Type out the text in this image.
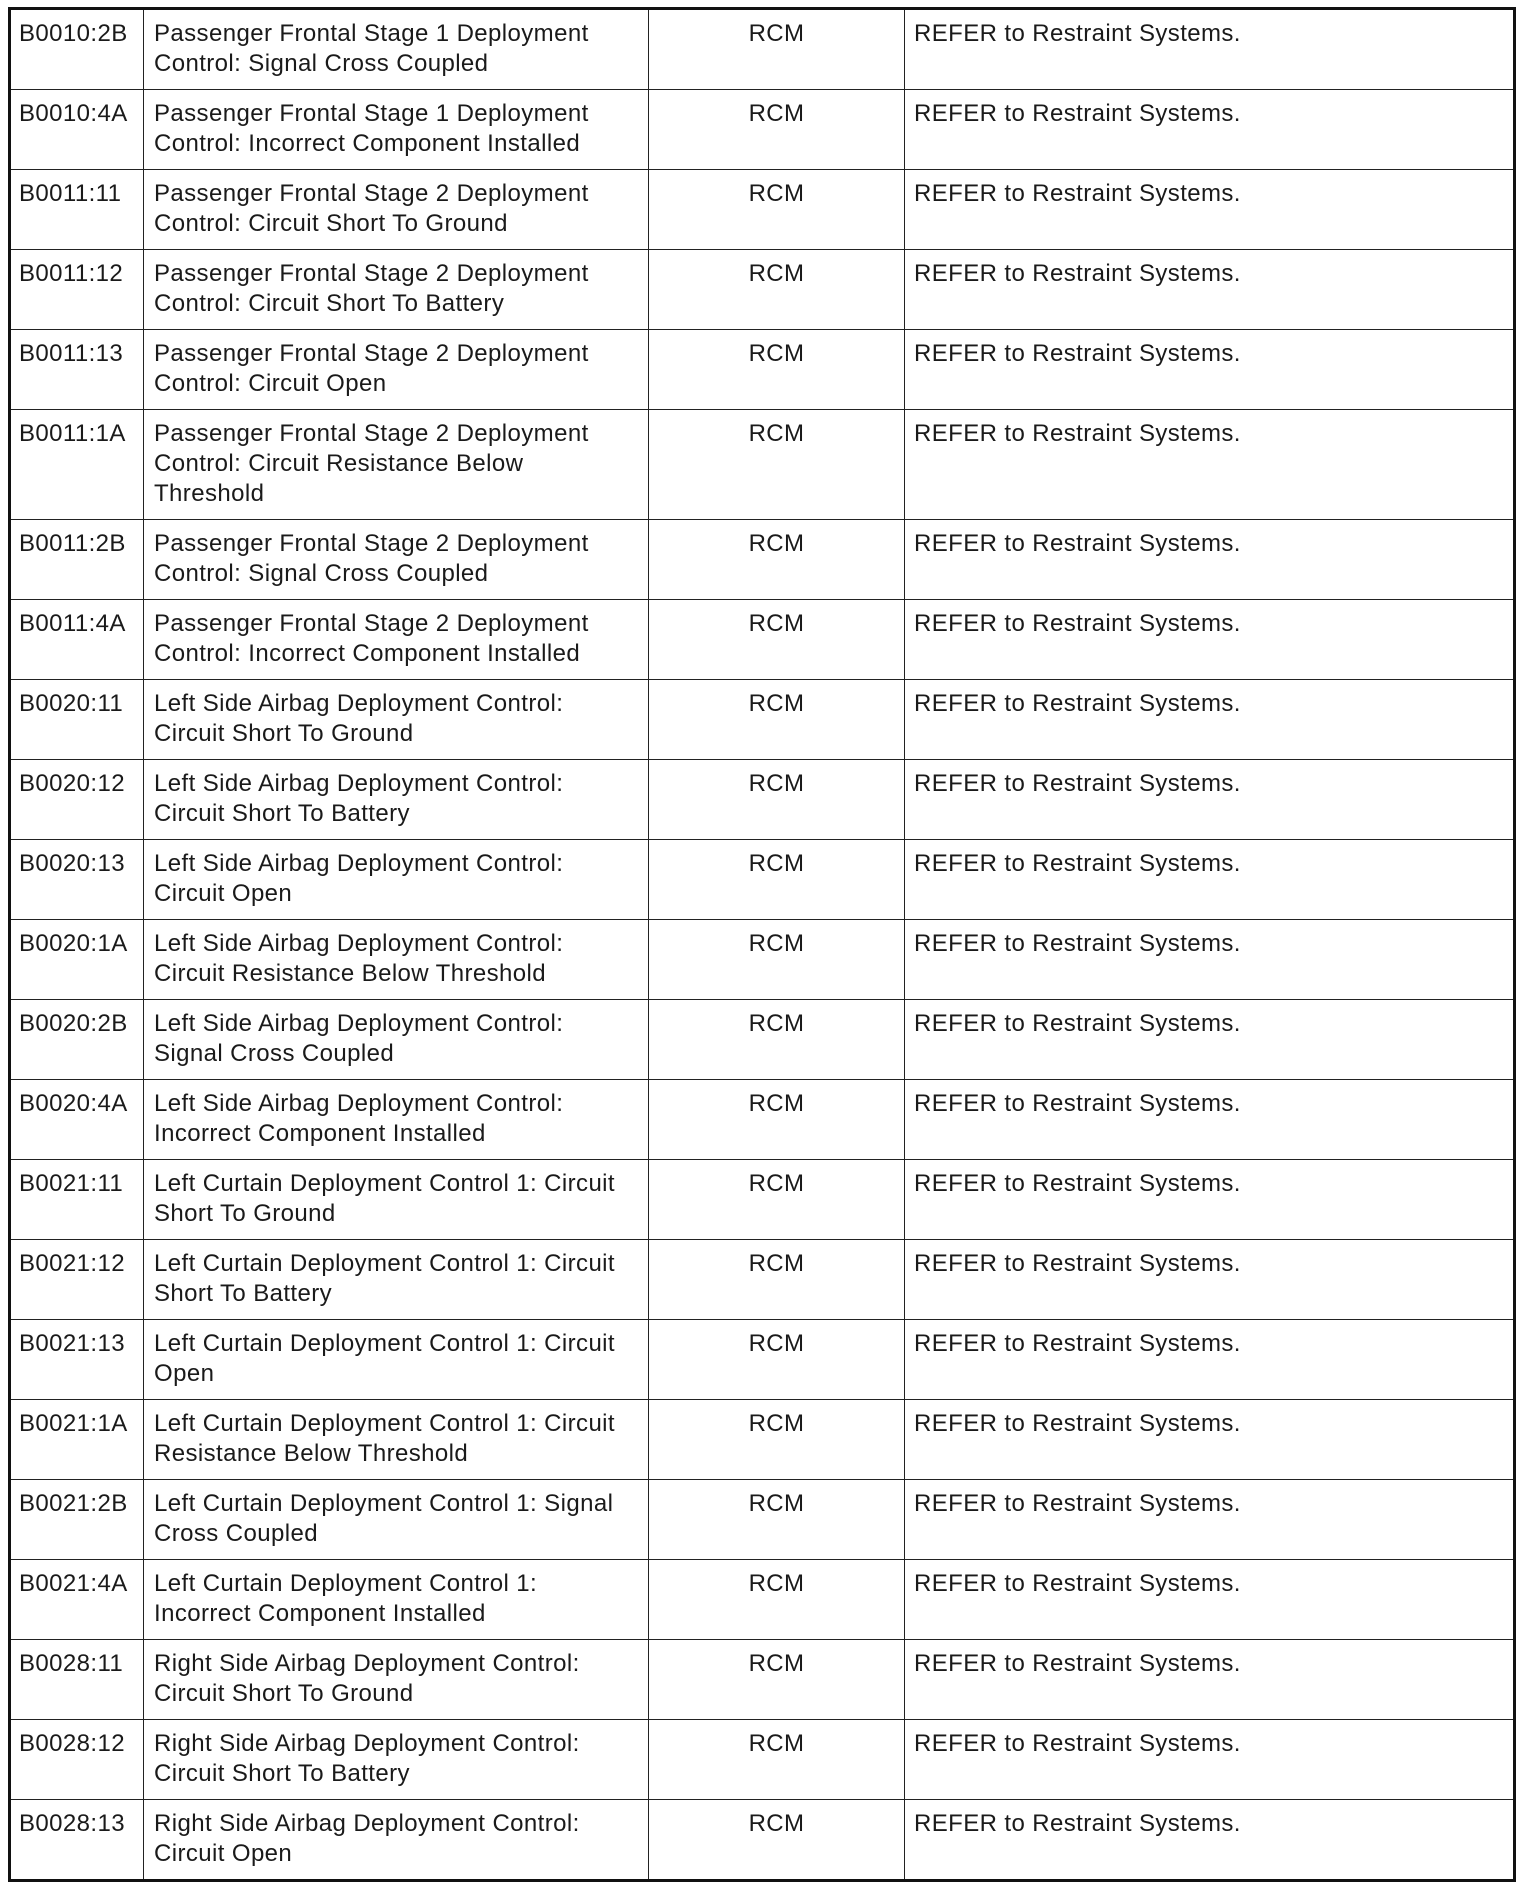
B0010:2B	Passenger Frontal Stage 1 Deployment Control: Signal Cross Coupled	RCM	REFER to Restraint Systems.
B0010:4A	Passenger Frontal Stage 1 Deployment Control: Incorrect Component Installed	RCM	REFER to Restraint Systems.
B0011:11	Passenger Frontal Stage 2 Deployment Control: Circuit Short To Ground	RCM	REFER to Restraint Systems.
B0011:12	Passenger Frontal Stage 2 Deployment Control: Circuit Short To Battery	RCM	REFER to Restraint Systems.
B0011:13	Passenger Frontal Stage 2 Deployment Control: Circuit Open	RCM	REFER to Restraint Systems.
B0011:1A	Passenger Frontal Stage 2 Deployment Control: Circuit Resistance Below Threshold	RCM	REFER to Restraint Systems.
B0011:2B	Passenger Frontal Stage 2 Deployment Control: Signal Cross Coupled	RCM	REFER to Restraint Systems.
B0011:4A	Passenger Frontal Stage 2 Deployment Control: Incorrect Component Installed	RCM	REFER to Restraint Systems.
B0020:11	Left Side Airbag Deployment Control: Circuit Short To Ground	RCM	REFER to Restraint Systems.
B0020:12	Left Side Airbag Deployment Control: Circuit Short To Battery	RCM	REFER to Restraint Systems.
B0020:13	Left Side Airbag Deployment Control: Circuit Open	RCM	REFER to Restraint Systems.
B0020:1A	Left Side Airbag Deployment Control: Circuit Resistance Below Threshold	RCM	REFER to Restraint Systems.
B0020:2B	Left Side Airbag Deployment Control: Signal Cross Coupled	RCM	REFER to Restraint Systems.
B0020:4A	Left Side Airbag Deployment Control: Incorrect Component Installed	RCM	REFER to Restraint Systems.
B0021:11	Left Curtain Deployment Control 1: Circuit Short To Ground	RCM	REFER to Restraint Systems.
B0021:12	Left Curtain Deployment Control 1: Circuit Short To Battery	RCM	REFER to Restraint Systems.
B0021:13	Left Curtain Deployment Control 1: Circuit Open	RCM	REFER to Restraint Systems.
B0021:1A	Left Curtain Deployment Control 1: Circuit Resistance Below Threshold	RCM	REFER to Restraint Systems.
B0021:2B	Left Curtain Deployment Control 1: Signal Cross Coupled	RCM	REFER to Restraint Systems.
B0021:4A	Left Curtain Deployment Control 1: Incorrect Component Installed	RCM	REFER to Restraint Systems.
B0028:11	Right Side Airbag Deployment Control: Circuit Short To Ground	RCM	REFER to Restraint Systems.
B0028:12	Right Side Airbag Deployment Control: Circuit Short To Battery	RCM	REFER to Restraint Systems.
B0028:13	Right Side Airbag Deployment Control: Circuit Open	RCM	REFER to Restraint Systems.
